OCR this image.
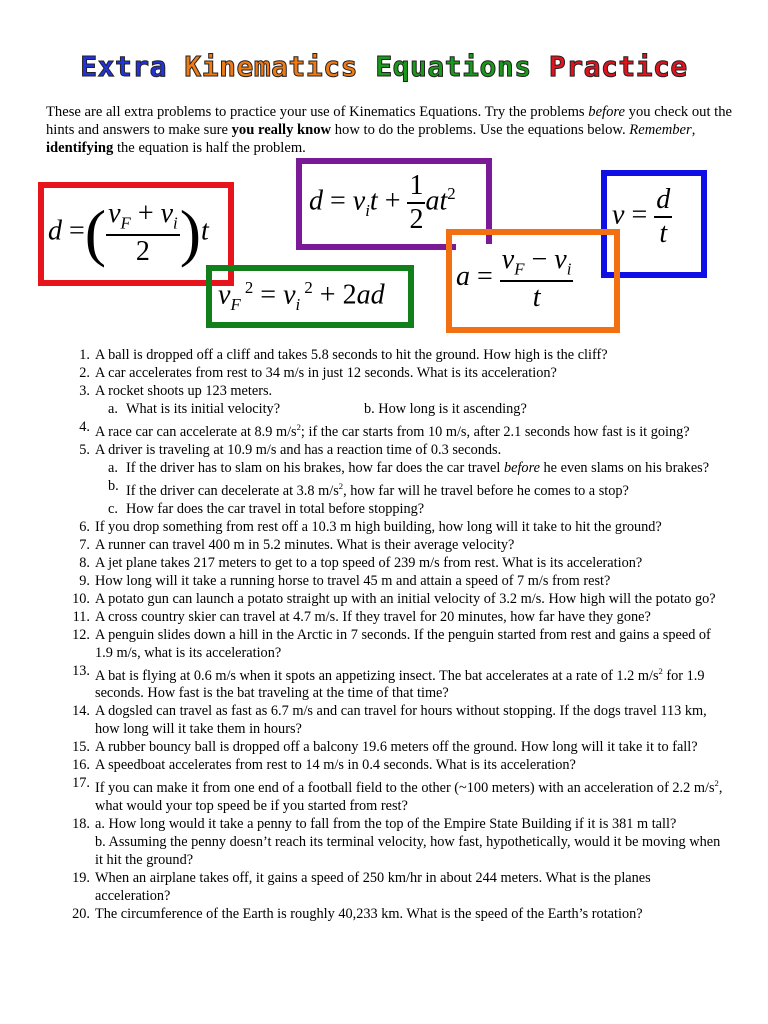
Extra Kinematics Equations Practice
These are all extra problems to practice your use of Kinematics Equations. Try the problems before you check out the hints and answers to make sure you really know how to do the problems. Use the equations below. Remember, identifying the equation is half the problem.
d =( $\frac{v_F + v_i}{2} )t$
$d = v_it + \frac{1}{2} at^2$
$v = \frac{d}{t}$
$v_F$ $^2 = v_i$ $^2$ + 2ad
$a = \frac{v_F - v_i}{t}$
1. A ball is dropped off a cliff and takes 5.8 seconds to hit the ground. How high is the cliff?
2. A car accelerates from rest to 34 m/s in just 12 seconds. What is its acceleration?
3. A rocket shoots up 123 meters.
a. What is its initial velocity?	b. How long is it ascending?
4. A race car can accelerate at 8.9 $m/s^2$; if the car starts from 10 m/s, after 2.1 seconds how fast is it going?
5. A driver is traveling at 10.9 m/s and has a reaction time of 0.3 seconds.
a. If the driver has to slam on his brakes, how far does the car travel before he even slams on his brakes?
b. If the driver can decelerate at 3.8 $m/s^2$, how far will he travel before he comes to a stop?
c. How far does the car travel in total before stopping?
6. If you drop something from rest off a 10.3 m high building, how long will it take to hit the ground?
7. A runner can travel 400 m in 5.2 minutes. What is their average velocity?
8. A jet plane takes 217 meters to get to a top speed of 239 m/s from rest. What is its acceleration?
9. How long will it take a running horse to travel 45 m and attain a speed of 7 m/s from rest?
10. A potato gun can launch a potato straight up with an initial velocity of 3.2 m/s. How high will the potato go?
11. A cross country skier can travel at 4.7 m/s. If they travel for 20 minutes, how far have they gone?
12. A penguin slides down a hill in the Arctic in 7 seconds. If the penguin started from rest and gains a speed of 1.9 m/s, what is its acceleration?
13. A bat is flying at 0.6 m/s when it spots an appetizing insect. The bat accelerates at a rate of 1.2 $m/s^2$ for 1.9 seconds. How fast is the bat traveling at the time of that time?
14. A dogsled can travel as fast as 6.7 m/s and can travel for hours without stopping. If the dogs travel 113 km, how long will it take them in hours?
15. A rubber bouncy ball is dropped off a balcony 19.6 meters off the ground. How long will it take it to fall?
16. A speedboat accelerates from rest to 14 m/s in 0.4 seconds. What is its acceleration?
17. If you can make it from one end of a football field to the other (~100 meters) with an acceleration of 2.2 $m/s^2$, what would your top speed be if you started from rest?
18. a. How long would it take a penny to fall from the top of the Empire State Building if it is 381 m tall?
b. Assuming the penny doesn’t reach its terminal velocity, how fast, hypothetically, would it be moving when it hit the ground?
19. When an airplane takes off, it gains a speed of 250 km/hr in about 244 meters. What is the planes acceleration?
20. The circumference of the Earth is roughly 40,233 km. What is the speed of the Earth’s rotation?
